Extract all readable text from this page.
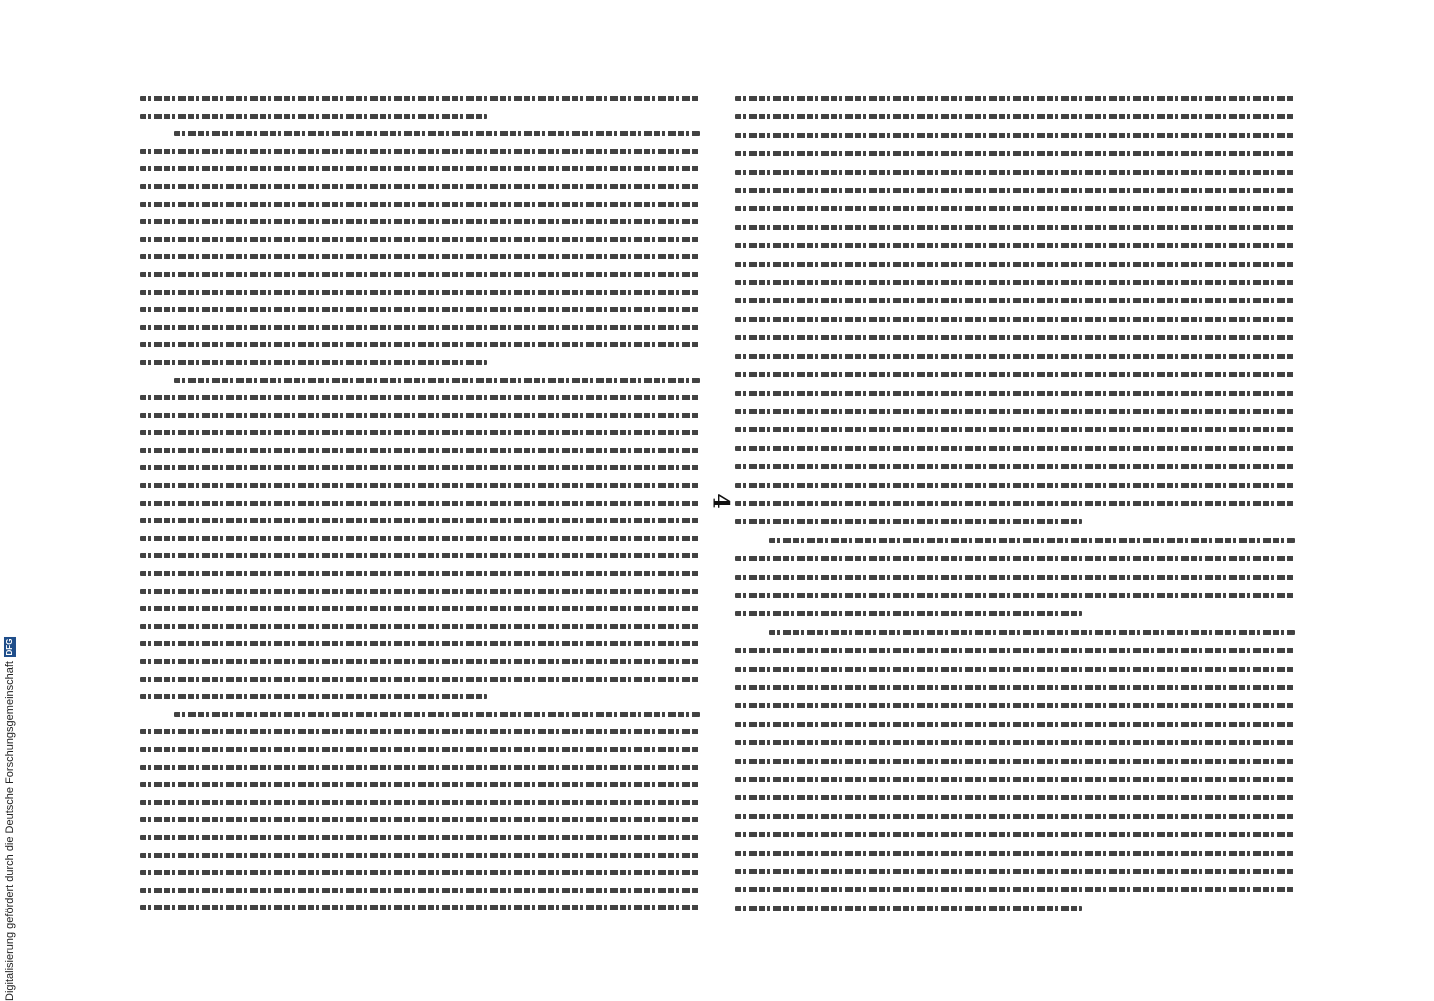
Digitalisierung gefördert durch die Deutsche Forschungsgemeinschaft
DFG
4
